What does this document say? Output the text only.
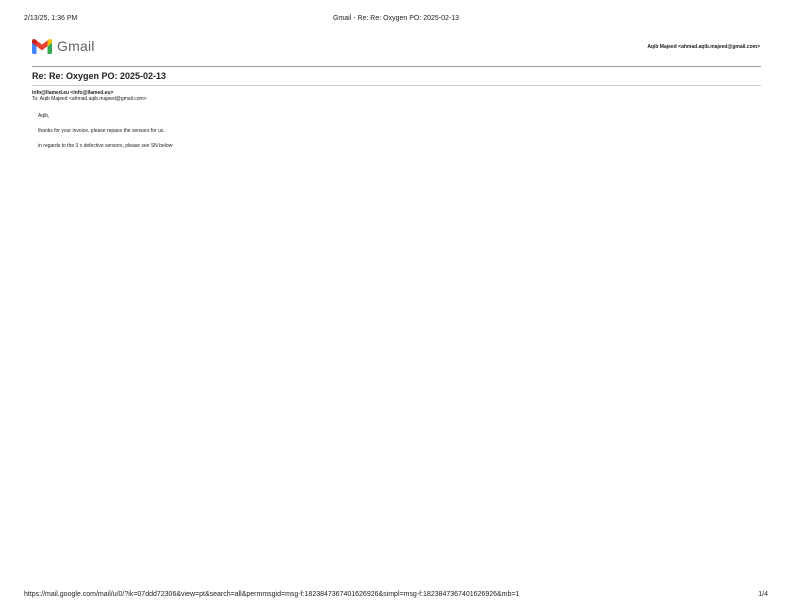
2/13/25, 1:36 PM	Gmail - Re: Re: Oxygen PO: 2025-02-13
Gmail	Aqib Majeed <ahmad.aqib.majeed@gmail.com>
Re: Re: Oxygen PO: 2025-02-13
info@llamed.eu <info@llamed.eu>
To: Aqib Majeed <ahmad.aqib.majeed@gmail.com>
Aqib,
thanks for your invoice, please repace the sensors for us.
in regards to the 3 x defective sensors, please see SN below:
https://mail.google.com/mail/u/0/?ik=07ddd72306&view=pt&search=all&permmsgid=msg-f:1823847367401626926&simpl=msg-f:1823847367401626926&mb=1	1/4
